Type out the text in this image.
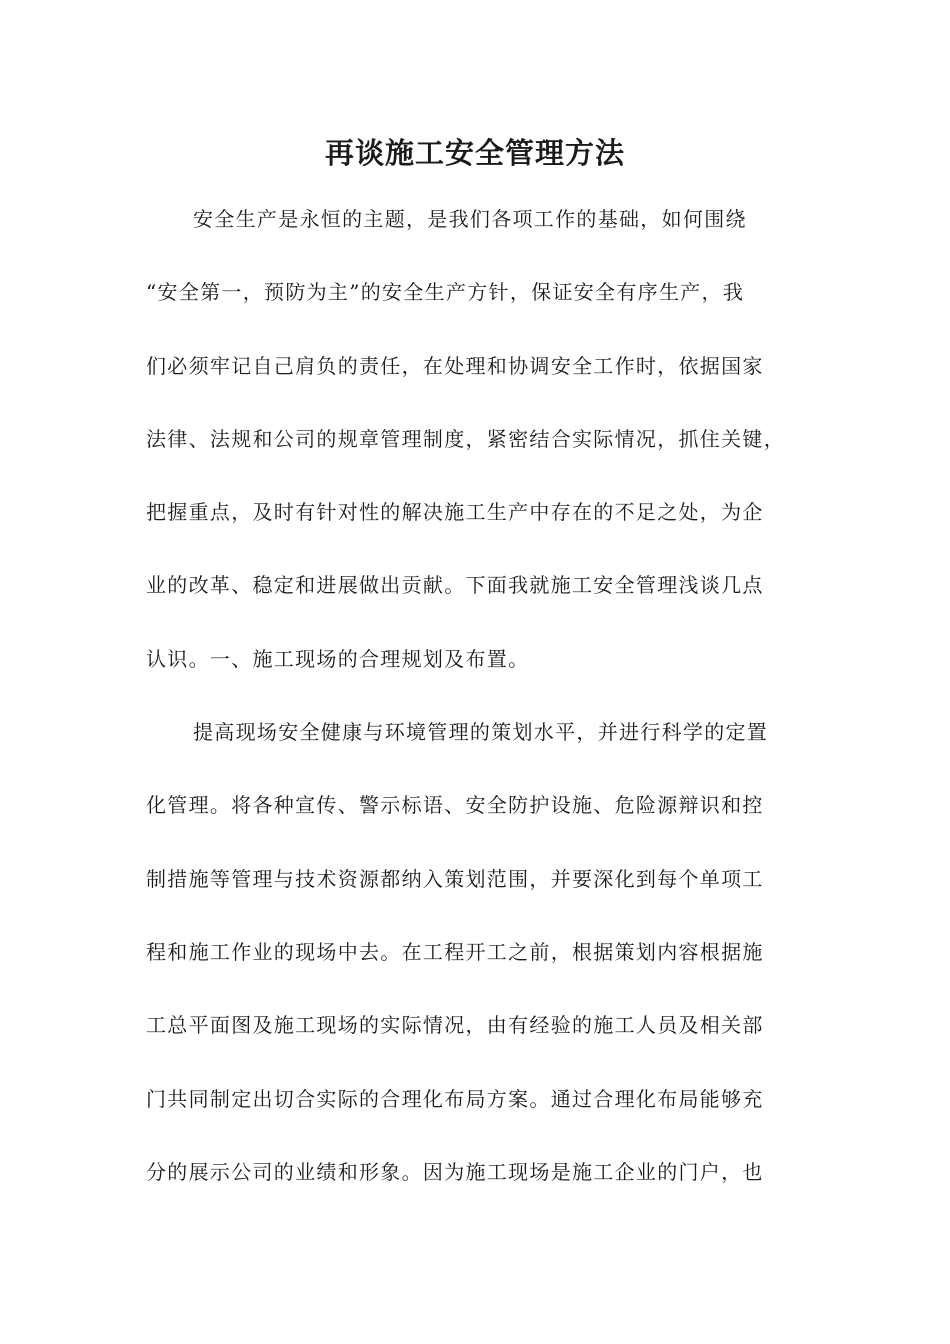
再谈施工安全管理方法
安全生产是永恒的主题，是我们各项工作的基础，如何围绕
“安全第一，预防为主”的安全生产方针，保证安全有序生产，我
们必须牢记自己肩负的责任，在处理和协调安全工作时，依据国家
法律、法规和公司的规章管理制度，紧密结合实际情况，抓住关键，
把握重点，及时有针对性的解决施工生产中存在的不足之处，为企
业的改革、稳定和进展做出贡献。下面我就施工安全管理浅谈几点
认识。一、施工现场的合理规划及布置。
提高现场安全健康与环境管理的策划水平，并进行科学的定置
化管理。将各种宣传、警示标语、安全防护设施、危险源辩识和控
制措施等管理与技术资源都纳入策划范围，并要深化到每个单项工
程和施工作业的现场中去。在工程开工之前，根据策划内容根据施
工总平面图及施工现场的实际情况，由有经验的施工人员及相关部
门共同制定出切合实际的合理化布局方案。通过合理化布局能够充
分的展示公司的业绩和形象。因为施工现场是施工企业的门户，也
